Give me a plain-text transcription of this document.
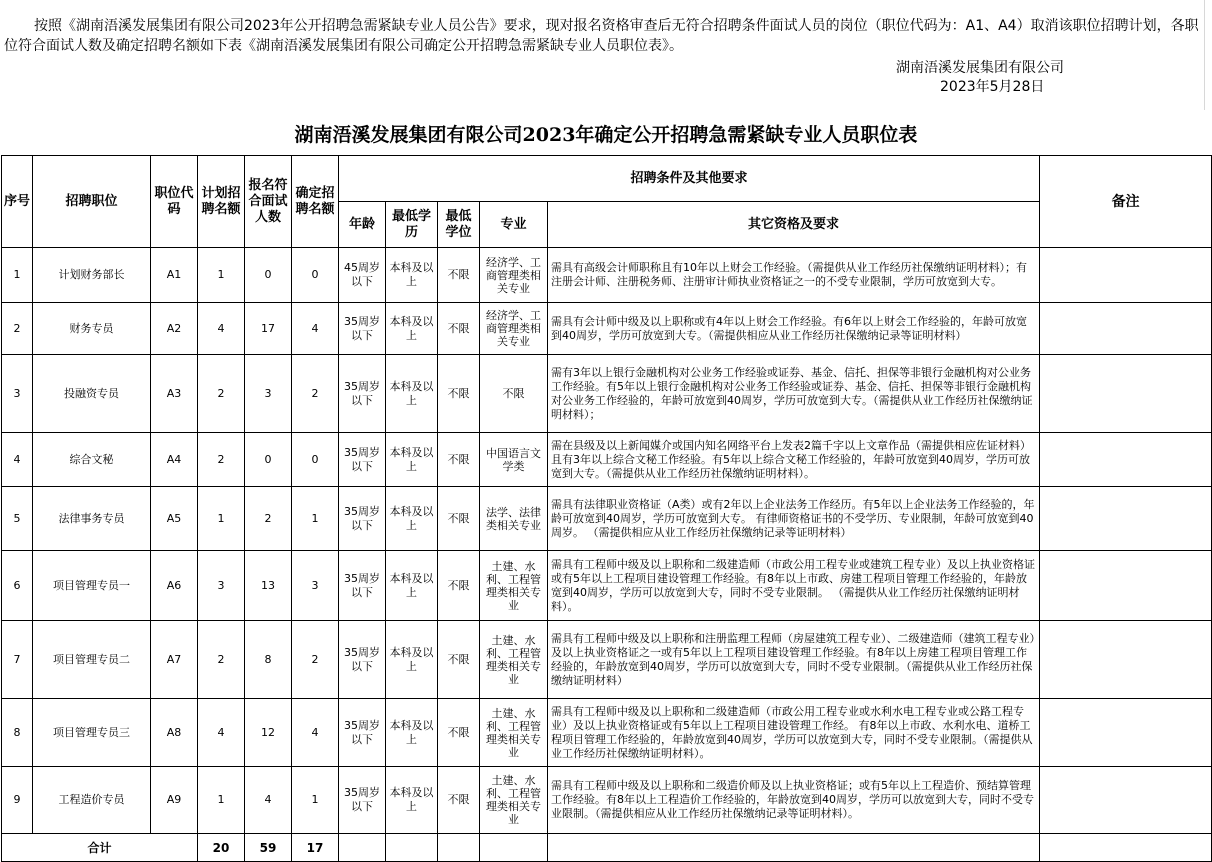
按照《湖南浯溪发展集团有限公司2023年公开招聘急需紧缺专业人员公告》要求，现对报名资格审查后无符合招聘条件面试人员的岗位（职位代码为：A1、A4）取消该职位招聘计划，各职位符合面试人数及确定招聘名额如下表《湖南浯溪发展集团有限公司确定公开招聘急需紧缺专业人员职位表》。

湖南浯溪发展集团有限公司
2023年5月28日
湖南浯溪发展集团有限公司2023年确定公开招聘急需紧缺专业人员职位表
序号	招聘职位	职位代码	计划招聘名额	报名符合面试人数	确定招聘名额	招聘条件及其他要求					备注
						年龄	最低学历	最低学位	专业	其它资格及要求	
1	计划财务部长	A1	1	0	0	45周岁以下	本科及以上	不限	经济学、工商管理类相关专业	需具有高级会计师职称且有10年以上财会工作经验。（需提供从业工作经历社保缴纳证明材料）；有注册会计师、注册税务师、注册审计师执业资格证之一的不受专业限制，学历可放宽到大专。	
2	财务专员	A2	4	17	4	35周岁以下	本科及以上	不限	经济学、工商管理类相关专业	需具有会计师中级及以上职称或有4年以上财会工作经验。有6年以上财会工作经验的，年龄可放宽到40周岁，学历可放宽到大专。（需提供相应从业工作经历社保缴纳记录等证明材料）	
3	投融资专员	A3	2	3	2	35周岁以下	本科及以上	不限	不限	需有3年以上银行金融机构对公业务工作经验或证券、基金、信托、担保等非银行金融机构对公业务工作经验。有5年以上银行金融机构对公业务工作经验或证券、基金、信托、担保等非银行金融机构对公业务工作经验的，年龄可放宽到40周岁，学历可放宽到大专。（需提供从业工作经历社保缴纳证明材料）；	
4	综合文秘	A4	2	0	0	35周岁以下	本科及以上	不限	中国语言文学类	需在县级及以上新闻媒介或国内知名网络平台上发表2篇千字以上文章作品（需提供相应佐证材料）且有3年以上综合文秘工作经验。有5年以上综合文秘工作经验的，年龄可放宽到40周岁，学历可放宽到大专。（需提供从业工作经历社保缴纳证明材料）。	
5	法律事务专员	A5	1	2	1	35周岁以下	本科及以上	不限	法学、法律类相关专业	需具有法律职业资格证（A类）或有2年以上企业法务工作经历。有5年以上企业法务工作经验的，年龄可放宽到40周岁，学历可放宽到大专。 有律师资格证书的不受学历、专业限制，年龄可放宽到40周岁。 （需提供相应从业工作经历社保缴纳记录等证明材料）	
6	项目管理专员一	A6	3	13	3	35周岁以下	本科及以上	不限	土建、水利、工程管理类相关专业	需具有工程师中级及以上职称和二级建造师（市政公用工程专业或建筑工程专业）及以上执业资格证或有5年以上工程项目建设管理工作经验。有8年以上市政、房建工程项目管理工作经验的，年龄放宽到40周岁，学历可以放宽到大专，同时不受专业限制。 （需提供从业工作经历社保缴纳证明材料）。	
7	项目管理专员二	A7	2	8	2	35周岁以下	本科及以上	不限	土建、水利、工程管理类相关专业	需具有工程师中级及以上职称和注册监理工程师（房屋建筑工程专业）、二级建造师（建筑工程专业）及以上执业资格证之一或有5年以上工程项目建设管理工作经验。有8年以上房建工程项目管理工作经验的，年龄放宽到40周岁，学历可以放宽到大专，同时不受专业限制。（需提供从业工作经历社保缴纳证明材料）	
8	项目管理专员三	A8	4	12	4	35周岁以下	本科及以上	不限	土建、水利、工程管理类相关专业	需具有工程师中级及以上职称和二级建造师（市政公用工程专业或水利水电工程专业或公路工程专业）及以上执业资格证或有5年以上工程项目建设管理工作经。 有8年以上市政、水利水电、道桥工程项目管理工作经验的，年龄放宽到40周岁，学历可以放宽到大专，同时不受专业限制。（需提供从业工作经历社保缴纳证明材料）。	
9	工程造价专员	A9	1	4	1	35周岁以下	本科及以上	不限	土建、水利、工程管理类相关专业	需具有工程师中级及以上职称和二级造价师及以上执业资格证；或有5年以上工程造价、预结算管理工作经验。有8年以上工程造价工作经验的，年龄放宽到40周岁，学历可以放宽到大专，同时不受专业限制。（需提供相应从业工作经历社保缴纳记录等证明材料）。	
合计			20	59	17						
